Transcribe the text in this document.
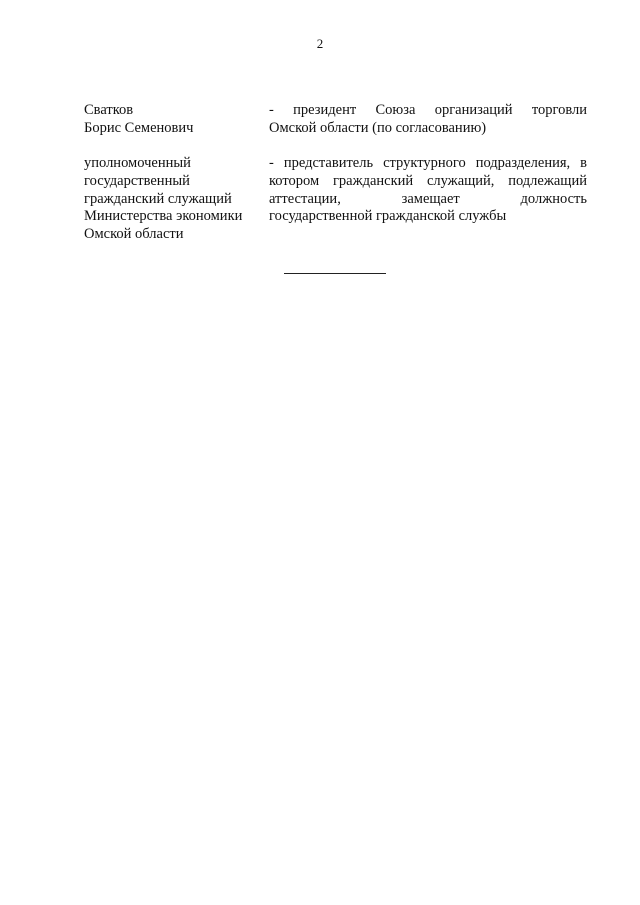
2
Сватков
Борис Семенович
- президент Союза организаций торговли
Омской области (по согласованию)
уполномоченный
государственный
гражданский служащий
Министерства экономики
Омской области
- представитель структурного подразделения, в
котором гражданский служащий, подлежащий
аттестации, замещает должность
государственной гражданской службы
